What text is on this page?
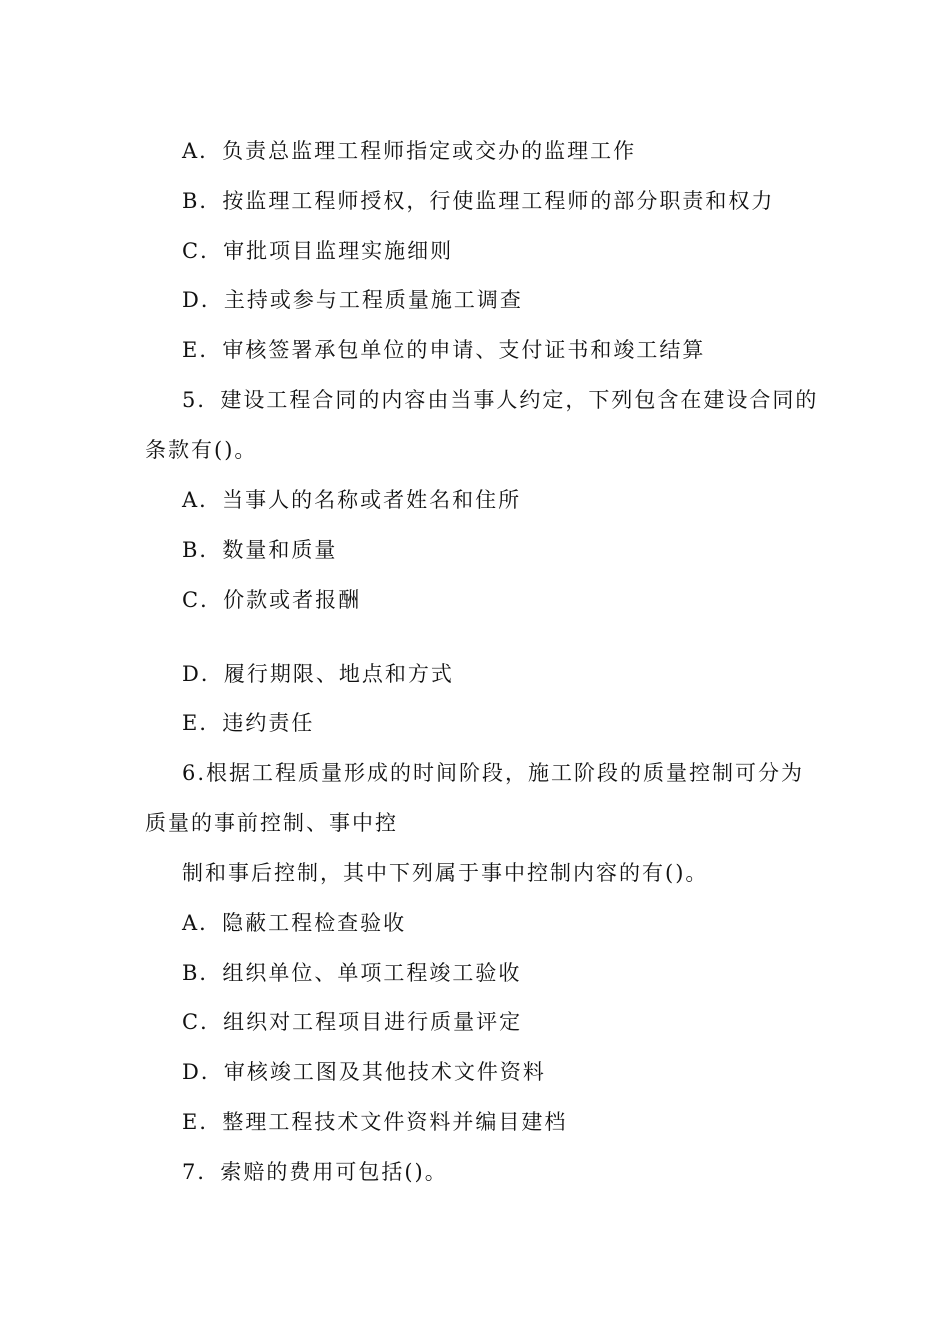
A．负责总监理工程师指定或交办的监理工作
B．按监理工程师授权，行使监理工程师的部分职责和权力
C．审批项目监理实施细则
D．主持或参与工程质量施工调查
E．审核签署承包单位的申请、支付证书和竣工结算
5．建设工程合同的内容由当事人约定，下列包含在建设合同的
条款有()。
A．当事人的名称或者姓名和住所
B．数量和质量
C．价款或者报酬
D．履行期限、地点和方式
E．违约责任
6.根据工程质量形成的时间阶段，施工阶段的质量控制可分为
质量的事前控制、事中控
制和事后控制，其中下列属于事中控制内容的有()。
A．隐蔽工程检查验收
B．组织单位、单项工程竣工验收
C．组织对工程项目进行质量评定
D．审核竣工图及其他技术文件资料
E．整理工程技术文件资料并编目建档
7．索赔的费用可包括()。
